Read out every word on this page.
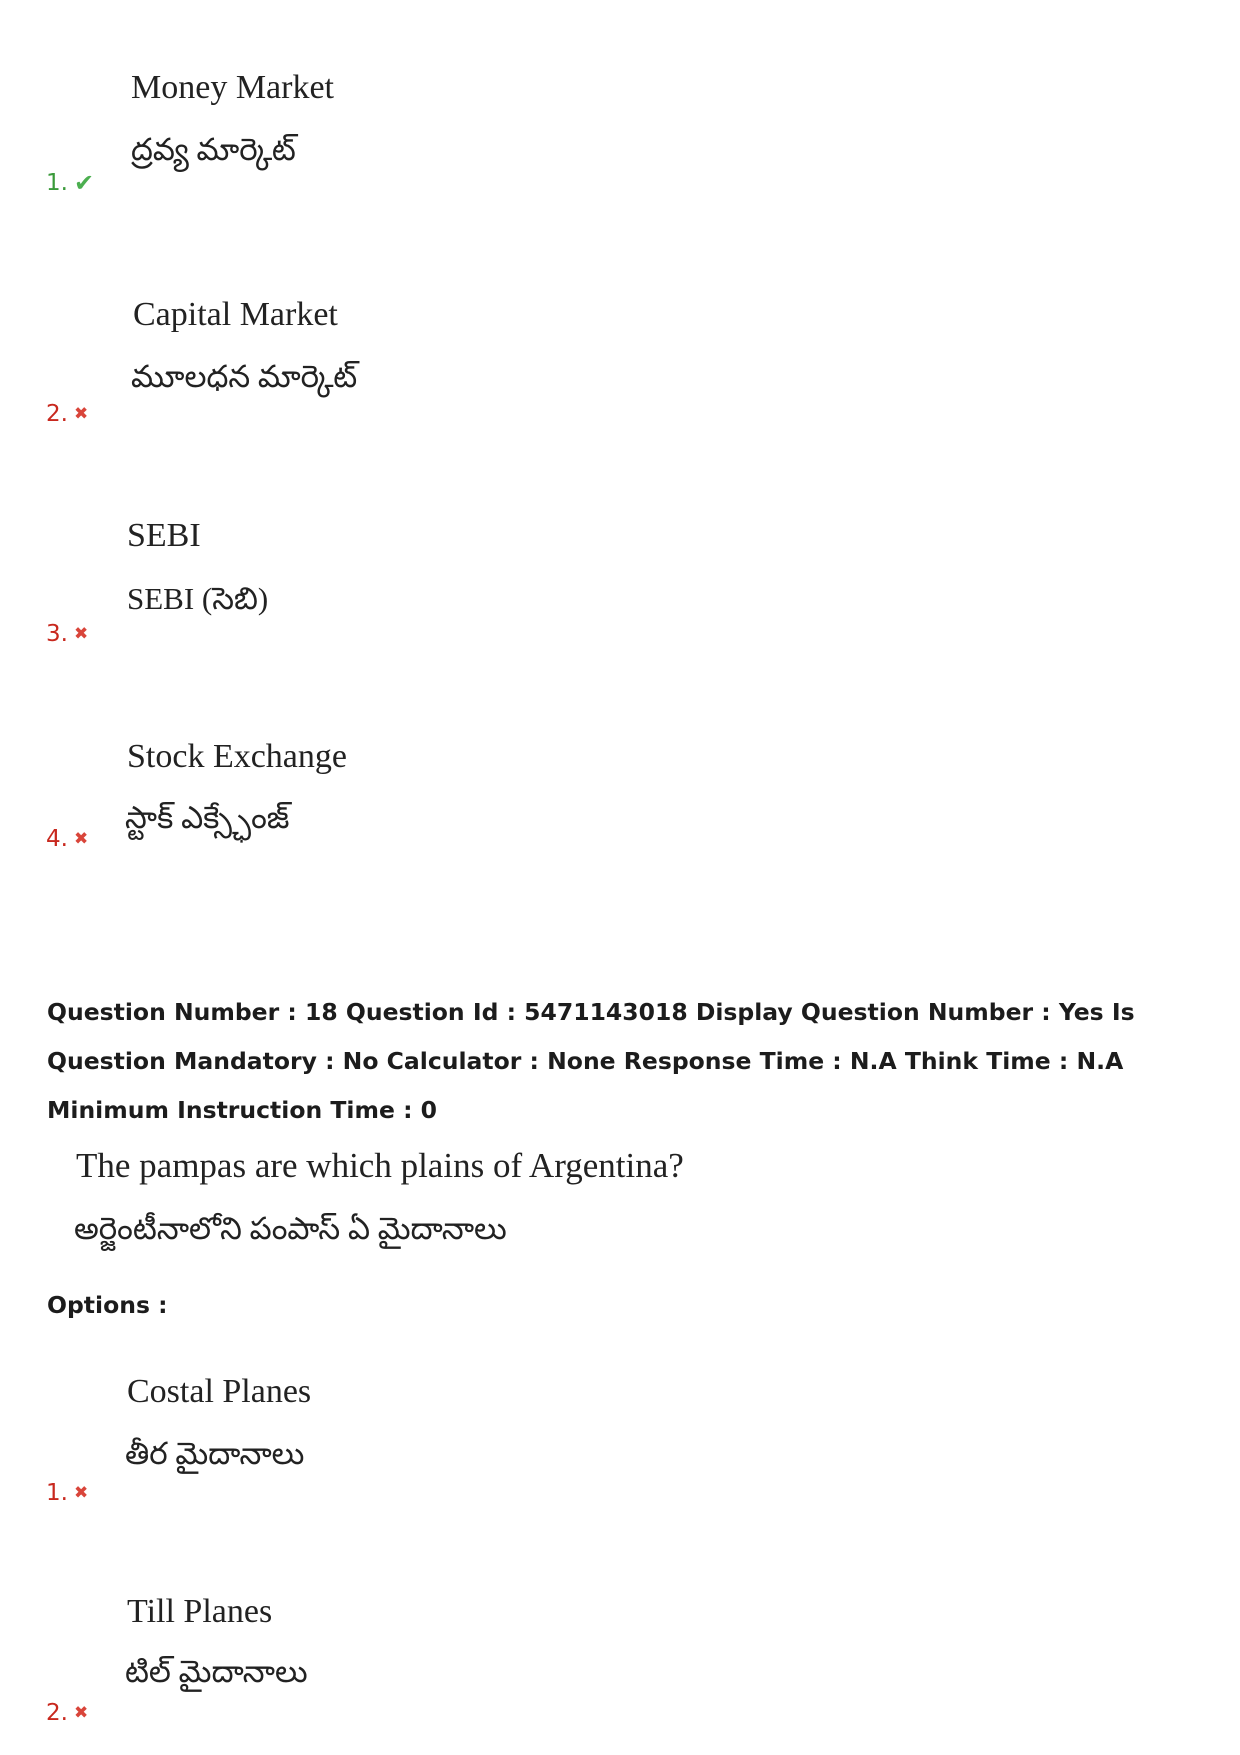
Money Market
ద్రవ్య మార్కెట్
1. ✔
Capital Market
మూలధన మార్కెట్
2. ✖
SEBI
SEBI (సెబి)
3. ✖
Stock Exchange
స్టాక్ ఎక్స్ఛేంజ్
4. ✖
Question Number : 18 Question Id : 5471143018 Display Question Number : Yes Is Question Mandatory : No Calculator : None Response Time : N.A Think Time : N.A Minimum Instruction Time : 0
The pampas are which plains of Argentina?
అర్జెంటీనాలోని పంపాస్ ఏ మైదానాలు
Options :
Costal Planes
తీర మైదానాలు
1. ✖
Till Planes
టిల్ మైదానాలు
2. ✖
